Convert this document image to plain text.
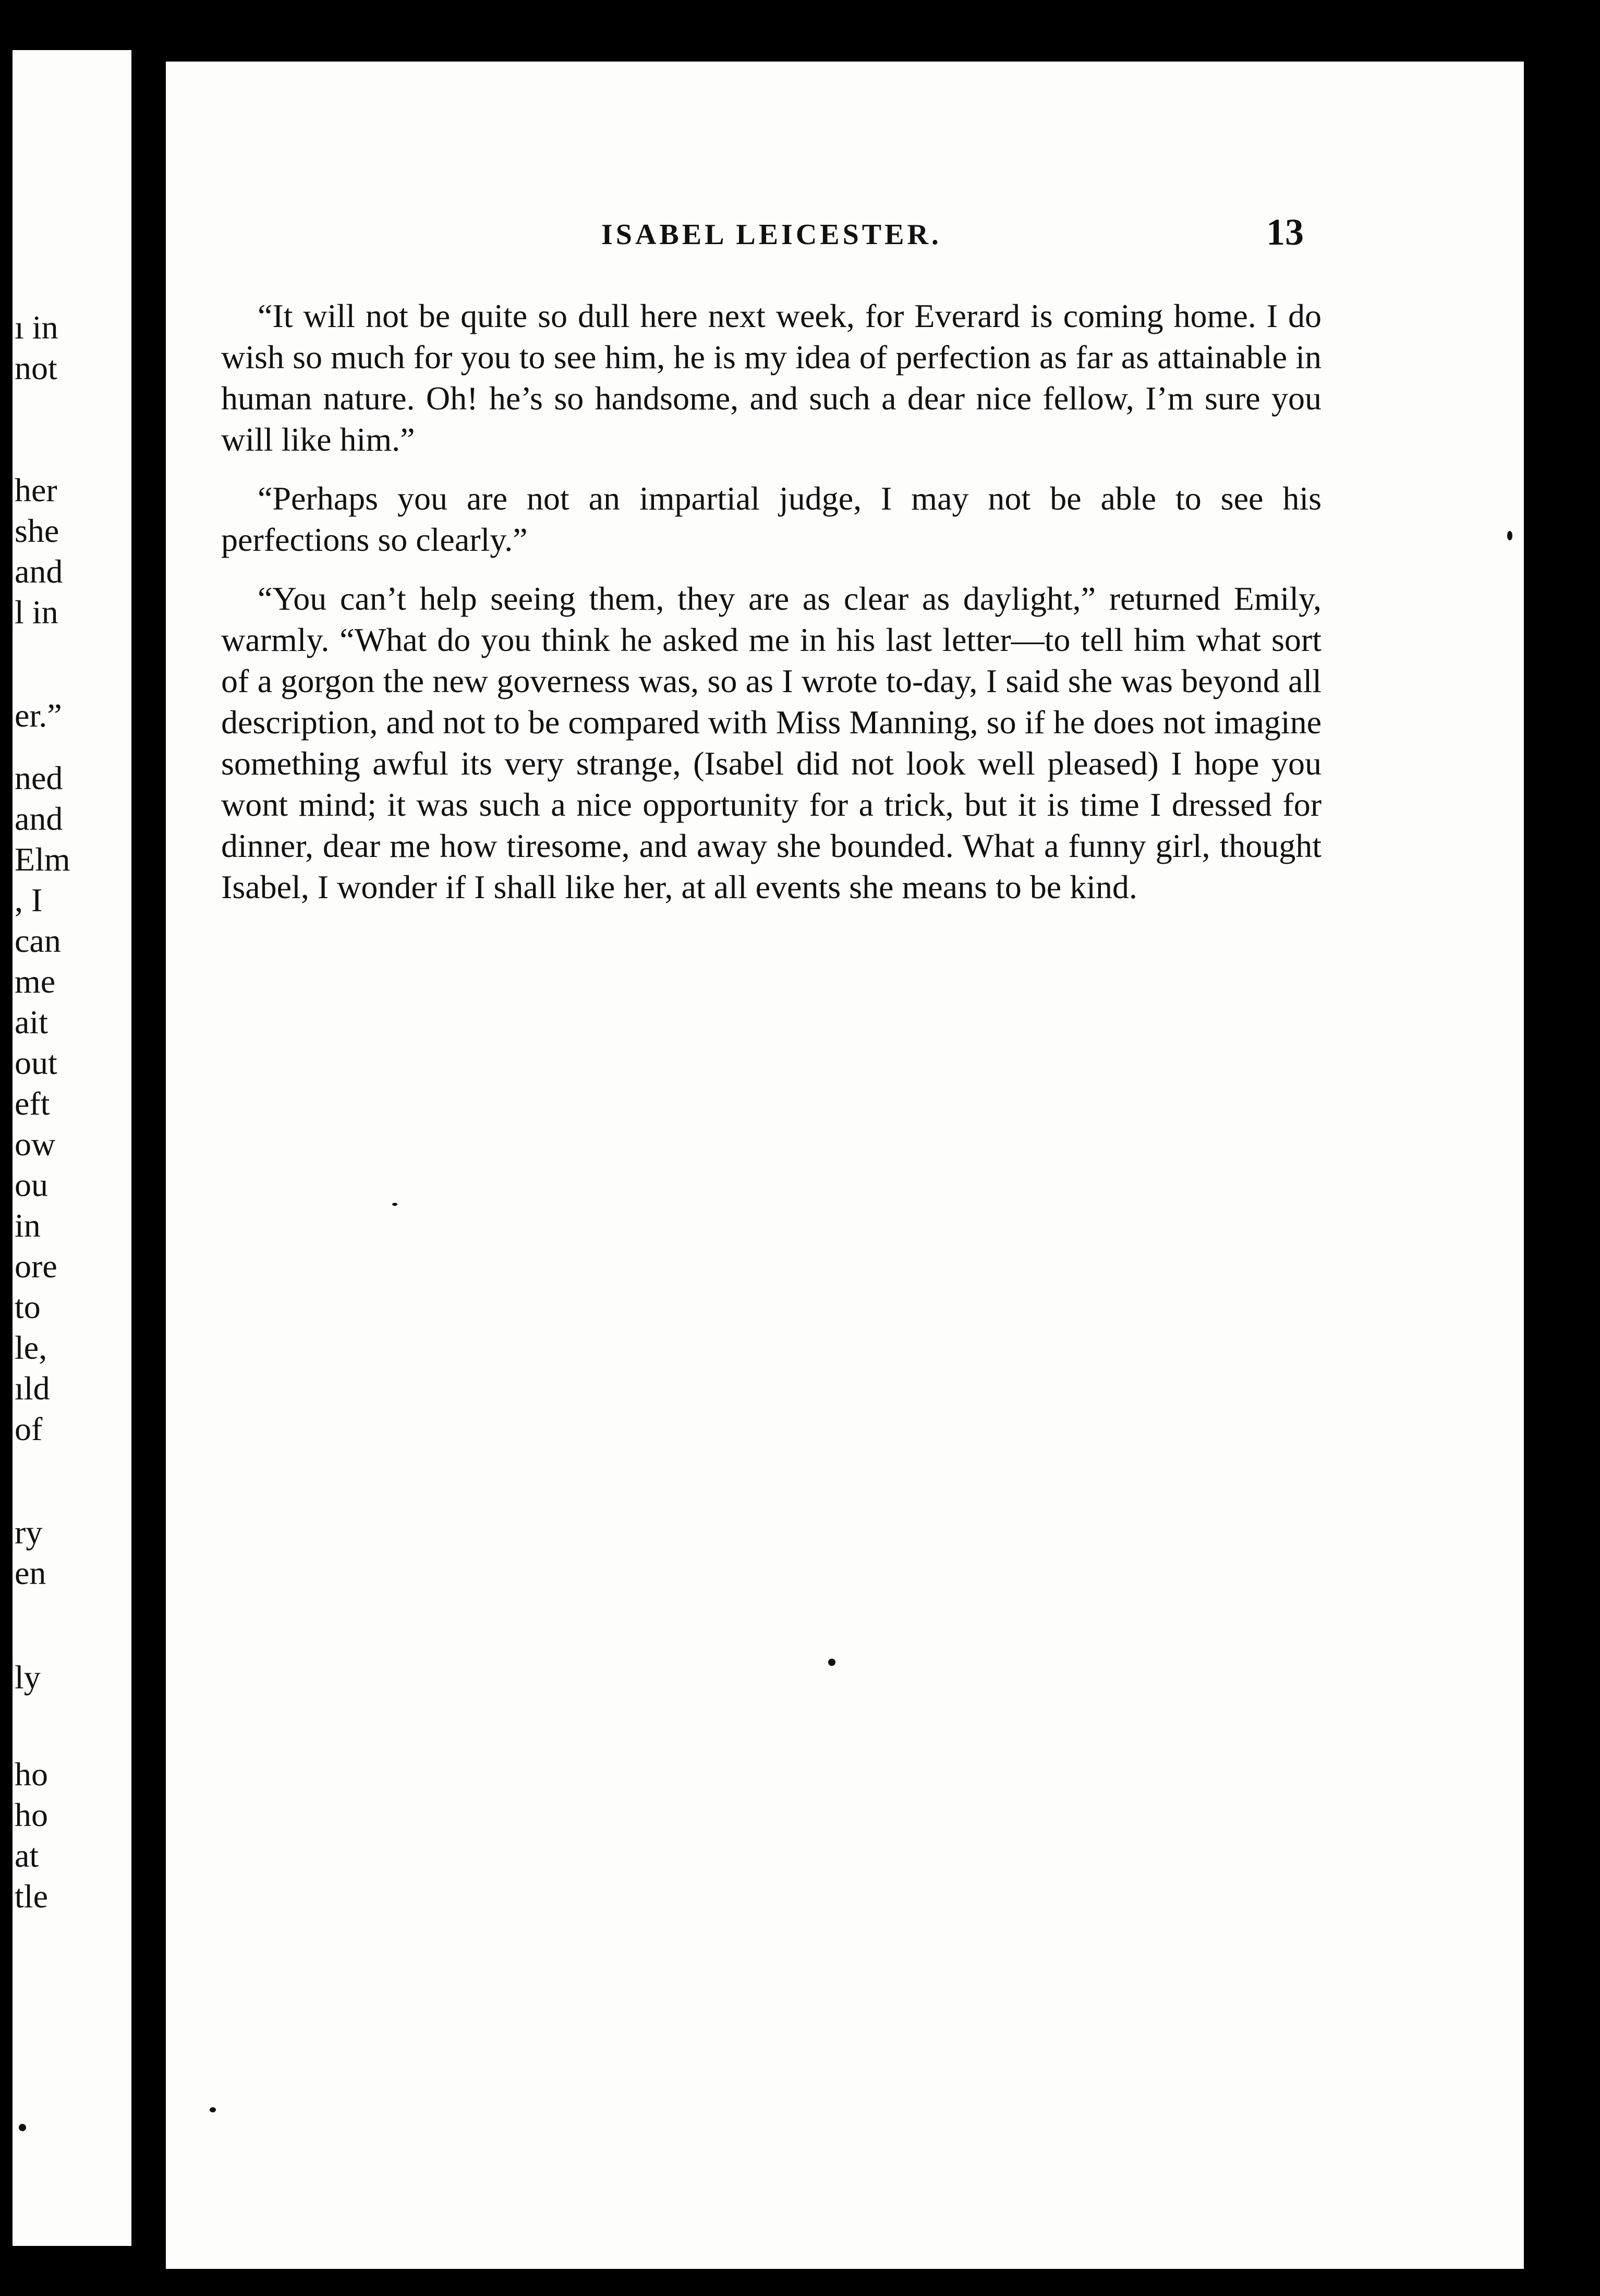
ı in
not
her
she
and
l in
er.”
ned
and
Elm
, I
can
me
ait
out
eft
ow
ou
in
ore
to
le,
ıld
of
ry
en
ly
ho
ho
at
tle
ISABEL LEICESTER.	13

“It will not be quite so dull here next week, for Everard is coming home. I do wish so much for you to see him, he is my idea of perfection as far as attainable in human nature. Oh! he’s so handsome, and such a dear nice fellow, I’m sure you will like him.”

“Perhaps you are not an impartial judge, I may not be able to see his perfections so clearly.”

“You can’t help seeing them, they are as clear as daylight,” returned Emily, warmly. “What do you think he asked me in his last letter—to tell him what sort of a gorgon the new governess was, so as I wrote to-day, I said she was beyond all description, and not to be compared with Miss Manning, so if he does not imagine something awful its very strange, (Isabel did not look well pleased) I hope you wont mind; it was such a nice opportunity for a trick, but it is time I dressed for dinner, dear me how tiresome, and away she bounded. What a funny girl, thought Isabel, I wonder if I shall like her, at all events she means to be kind.
